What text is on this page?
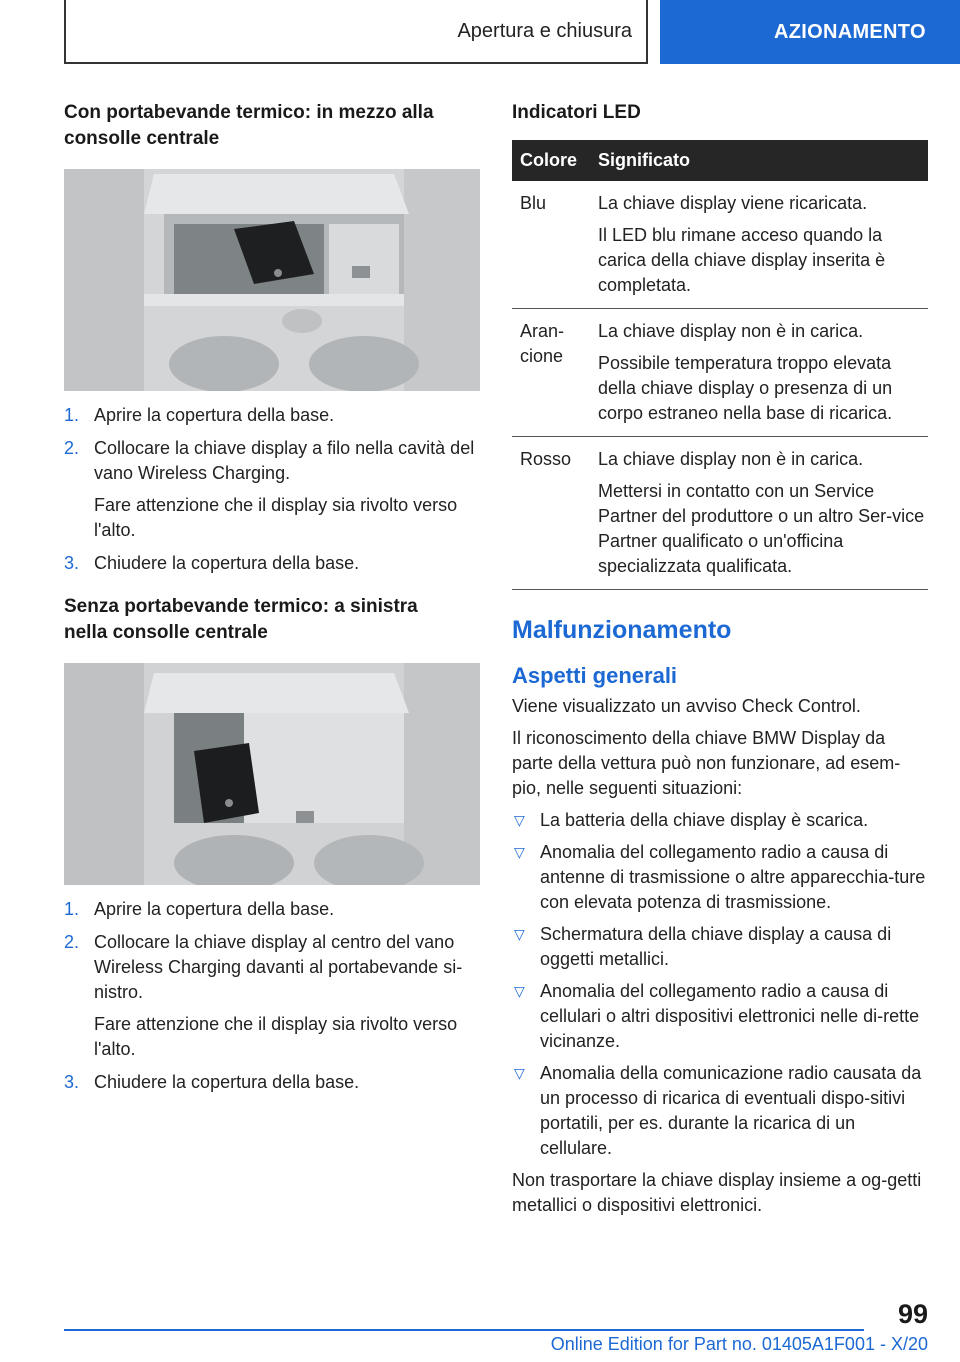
Apertura e chiusura	AZIONAMENTO
Con portabevande termico: in mezzo alla consolle centrale
1. Aprire la copertura della base.
2. Collocare la chiave display a filo nella cavità del vano Wireless Charging.
Fare attenzione che il display sia rivolto verso l'alto.
3. Chiudere la copertura della base.
Senza portabevande termico: a sinistra nella consolle centrale
1. Aprire la copertura della base.
2. Collocare la chiave display al centro del vano Wireless Charging davanti al portabevande si-nistro.
Fare attenzione che il display sia rivolto verso l'alto.
3. Chiudere la copertura della base.
Indicatori LED
Colore	Significato
Blu	La chiave display viene ricaricata.
Il LED blu rimane acceso quando la carica della chiave display inserita è completata.

Aran-cione	La chiave display non è in carica.
Possibile temperatura troppo elevata della chiave display o presenza di un corpo estraneo nella base di ricarica.

Rosso	La chiave display non è in carica.
Mettersi in contatto con un Service Partner del produttore o un altro Ser-vice Partner qualificato o un'officina specializzata qualificata.
Malfunzionamento
Aspetti generali
Viene visualizzato un avviso Check Control.
Il riconoscimento della chiave BMW Display da parte della vettura può non funzionare, ad esem-pio, nelle seguenti situazioni:
▽ La batteria della chiave display è scarica.
▽ Anomalia del collegamento radio a causa di antenne di trasmissione o altre apparecchia-ture con elevata potenza di trasmissione.
▽ Schermatura della chiave display a causa di oggetti metallici.
▽ Anomalia del collegamento radio a causa di cellulari o altri dispositivi elettronici nelle di-rette vicinanze.
▽ Anomalia della comunicazione radio causata da un processo di ricarica di eventuali dispo-sitivi portatili, per es. durante la ricarica di un cellulare.
Non trasportare la chiave display insieme a og-getti metallici o dispositivi elettronici.
99
Online Edition for Part no. 01405A1F001 - X/20
